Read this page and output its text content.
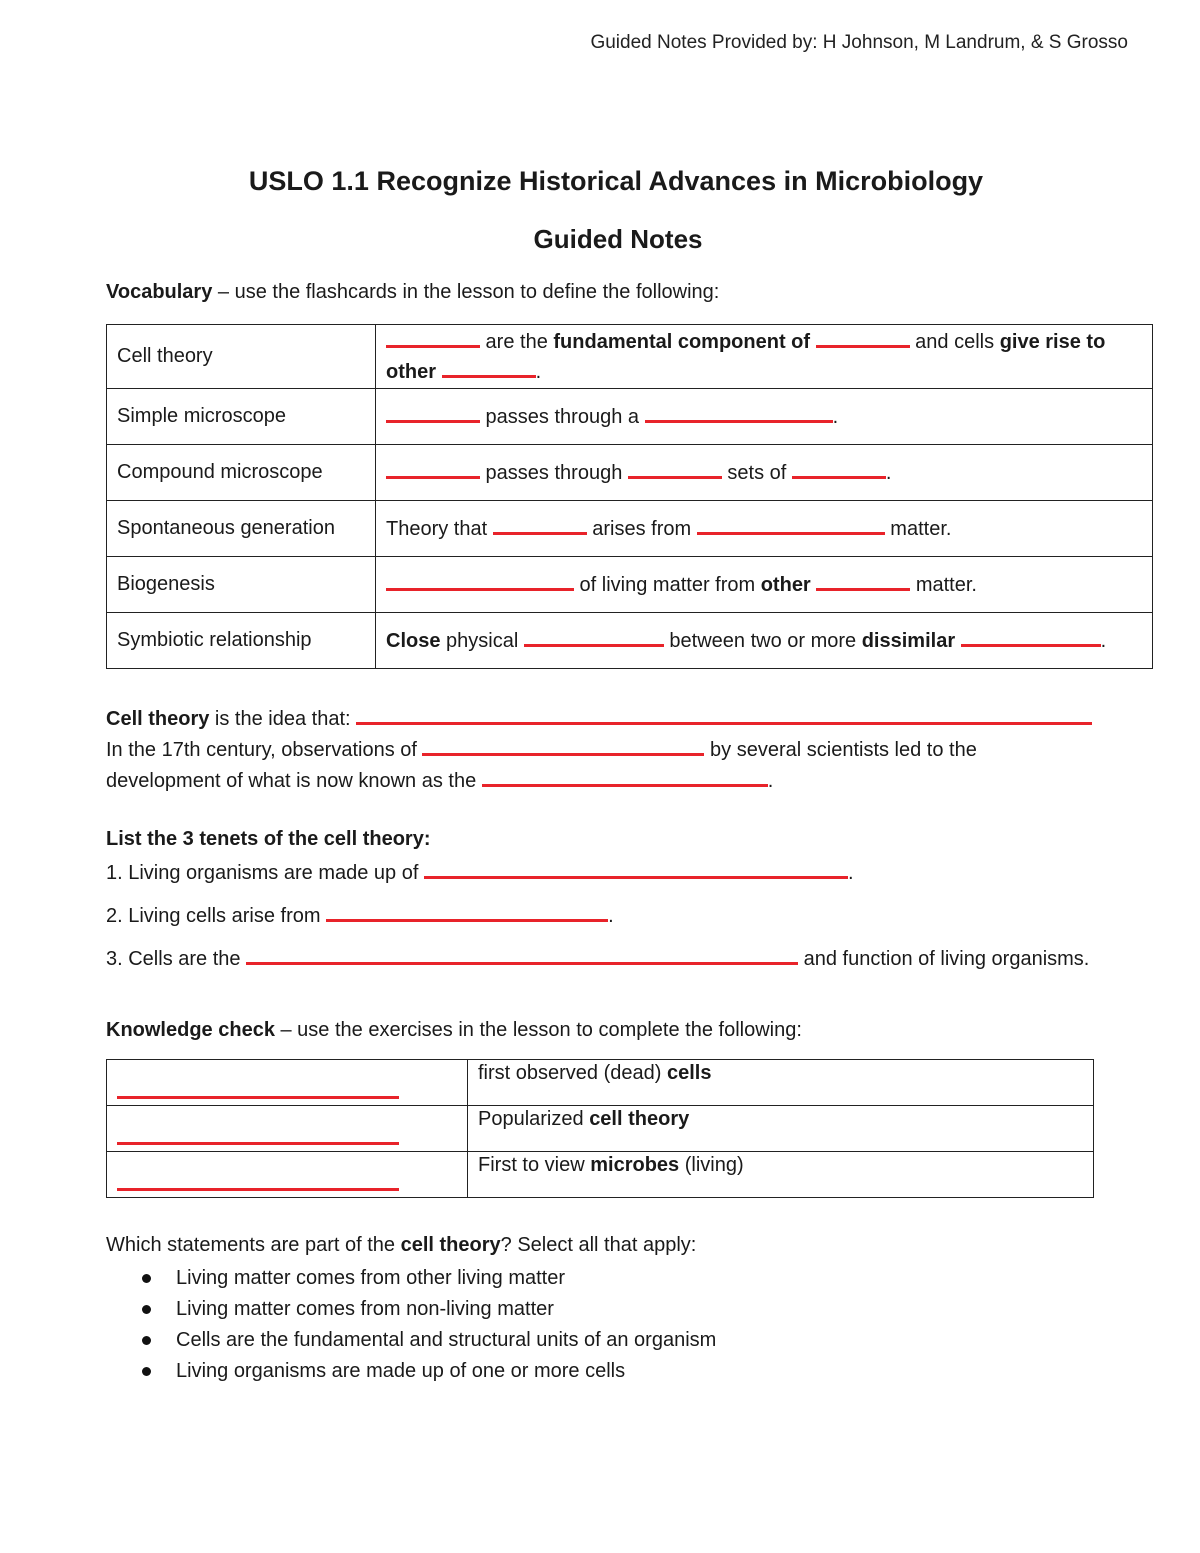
Guided Notes Provided by: H Johnson, M Landrum, & S Grosso
USLO 1.1 Recognize Historical Advances in Microbiology
Guided Notes
Vocabulary – use the flashcards in the lesson to define the following:
Cell theory	are the fundamental component of and cells give rise to
other .
Simple microscope	passes through a .
Compound microscope	passes through sets of .
Spontaneous generation	Theory that arises from matter.
Biogenesis	of living matter from other matter.
Symbiotic relationship	Close physical between two or more dissimilar .
Cell theory is the idea that:
In the 17th century, observations of	by several scientists led to the
development of what is now known as the	.
List the 3 tenets of the cell theory:
1. Living organisms are made up of	.
2. Living cells arise from	.
3. Cells are the	and function of living organisms.
Knowledge check – use the exercises in the lesson to complete the following:
	first observed (dead) cells
	Popularized cell theory
	First to view microbes (living)
Which statements are part of the cell theory? Select all that apply:
Living matter comes from other living matter
Living matter comes from non-living matter
Cells are the fundamental and structural units of an organism
Living organisms are made up of one or more cells
